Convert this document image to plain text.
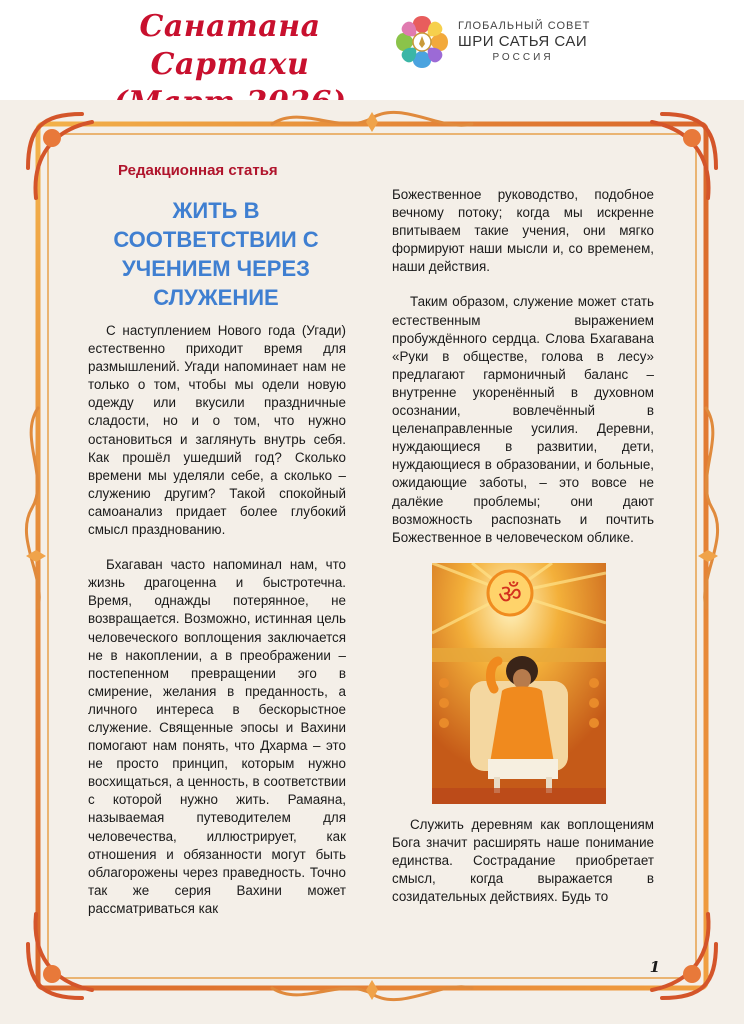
Санатана Сартахи
ГЛОБАЛЬНЫЙ СОВЕТ
ШРИ САТЬЯ САИ
РОССИЯ
Редакционная статья
ЖИТЬ В
СООТВЕТСТВИИ С
УЧЕНИЕМ ЧЕРЕЗ
СЛУЖЕНИЕ

С наступлением Нового года (Угади) естественно приходит время для размышлений. Угади напоминает нам не только о том, чтобы мы одели новую одежду или вкусили праздничные сладости, но и о том, что нужно остановиться и заглянуть внутрь себя. Как прошёл ушедший год? Сколько времени мы уделяли себе, а сколько – служению другим? Такой спокойный самоанализ придает более глубокий смысл празднованию.

Бхагаван часто напоминал нам, что жизнь драгоценна и быстротечна. Время, однажды потерянное, не возвращается. Возможно, истинная цель человеческого воплощения заключается не в накоплении, а в преображении – постепенном превращении эго в смирение, желания в преданность, а личного интереса в бескорыстное служение. Священные эпосы и Вахини помогают нам понять, что Дхарма – это не просто принцип, которым нужно восхищаться, а ценность, в соответствии с которой нужно жить. Рамаяна, называемая путеводителем для человечества, иллюстрирует, как отношения и обязанности могут быть облагорожены через праведность. Точно так же серия Вахини может рассматриваться как

Божественное руководство, подобное вечному потоку; когда мы искренне впитываем такие учения, они мягко формируют наши мысли и, со временем, наши действия.

Таким образом, служение может стать естественным выражением пробуждённого сердца. Слова Бхагавана «Руки в обществе, голова в лесу» предлагают гармоничный баланс – внутренне укоренённый в духовном осознании, вовлечённый в целенаправленные усилия. Деревни, нуждающиеся в развитии, дети, нуждающиеся в образовании, и больные, ожидающие заботы, – это вовсе не далёкие проблемы; они дают возможность распознать и почтить Божественное в человеческом облике.

ॐ

Служить деревням как воплощениям Бога значит расширять наше понимание единства. Сострадание приобретает смысл, когда выражается в созидательных действиях. Будь то

1
